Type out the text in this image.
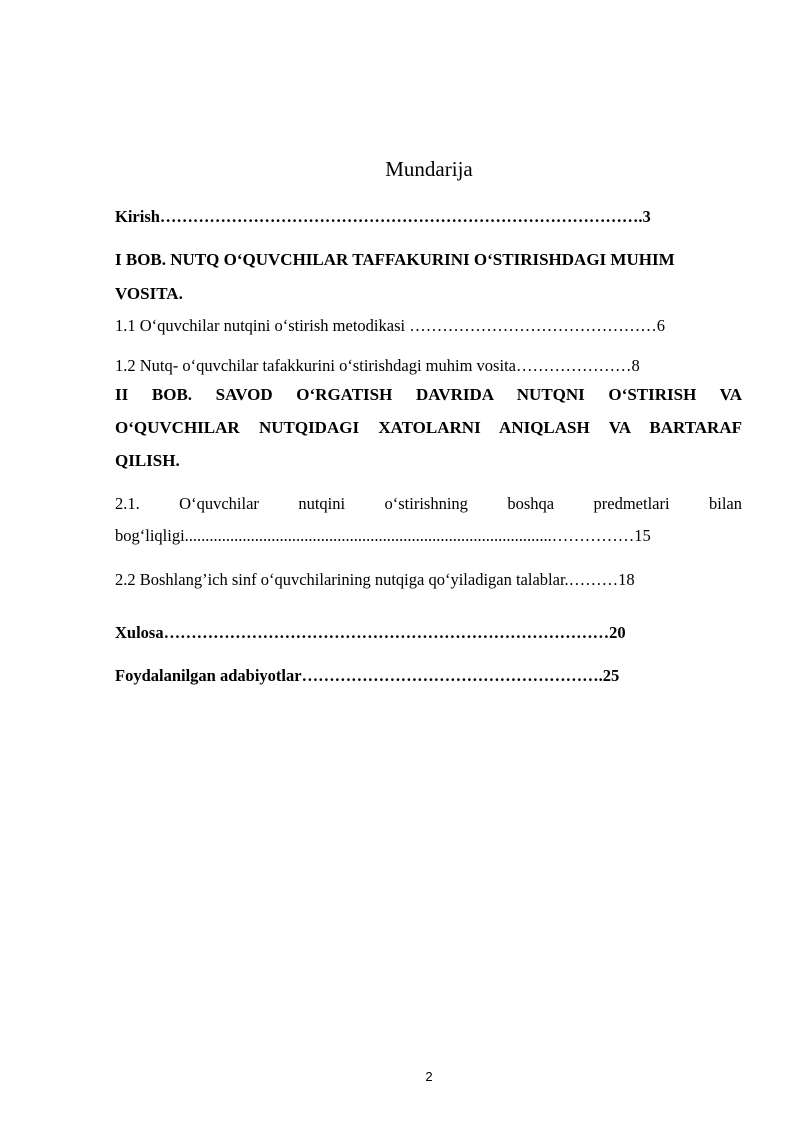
Mundarija
Kirish…………………………………………………………………………….3
I BOB. NUTQ O‘QUVCHILAR TAFFAKURINI O‘STIRISHDAGI MUHIM
VOSITA.
1.1 O‘quvchilar nutqini o‘stirish metodikasi ………………………………………6
1.2 Nutq- o‘quvchilar tafakkurini o‘stirishdagi muhim vosita…………………8
II BOB. SAVOD O‘RGATISH DAVRIDA NUTQNI O‘STIRISH VA
O‘QUVCHILAR NUTQIDAGI XATOLARNI ANIQLASH VA BARTARAF
QILISH.
2.1. O‘quvchilar nutqini o‘stirishning boshqa predmetlari bilan
bog‘liqligi.........................................................................................……………15
2.2 Boshlang’ich sinf o‘quvchilarining nutqiga qo‘yiladigan talablar.………18
Xulosa………………………………………………………………………20
Foydalanilgan adabiyotlar……………………………………………….25
2
